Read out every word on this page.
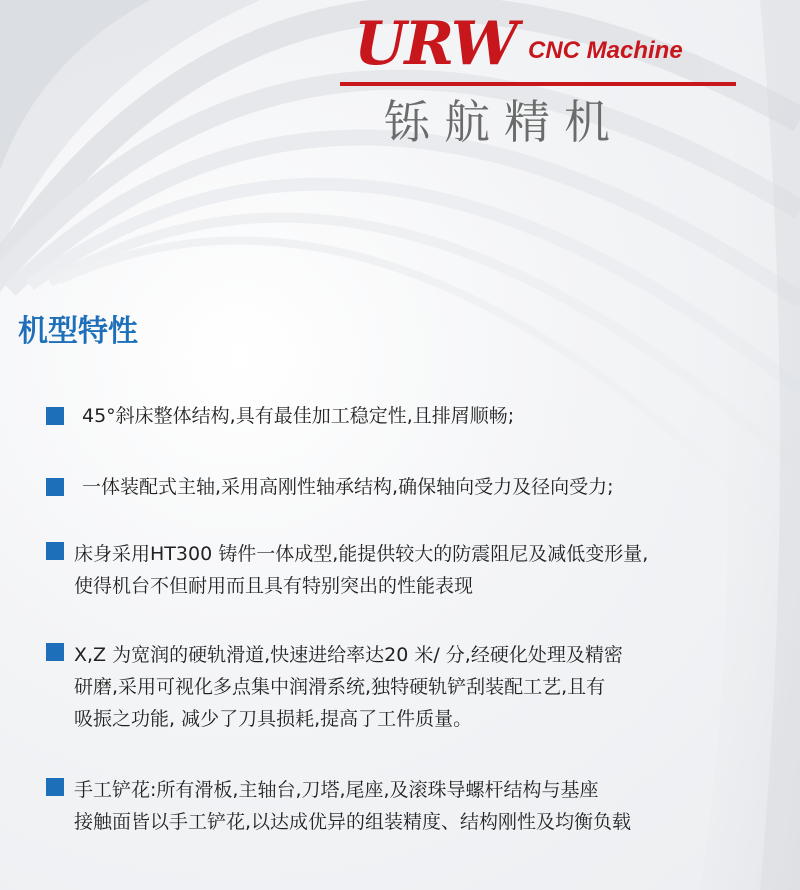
URW CNC Machine
铄航精机
机型特性
45°斜床整体结构,具有最佳加工稳定性,且排屑顺畅;
一体装配式主轴,采用高刚性轴承结构,确保轴向受力及径向受力;
床身采用HT300 铸件一体成型,能提供较大的防震阻尼及减低变形量,
使得机台不但耐用而且具有特别突出的性能表现
X,Z 为宽润的硬轨滑道,快速进给率达20 米/ 分,经硬化处理及精密
研磨,采用可视化多点集中润滑系统,独特硬轨铲刮装配工艺,且有
吸振之功能, 减少了刀具损耗,提高了工件质量。
手工铲花:所有滑板,主轴台,刀塔,尾座,及滚珠导螺杆结构与基座
接触面皆以手工铲花,以达成优异的组装精度、结构刚性及均衡负载
